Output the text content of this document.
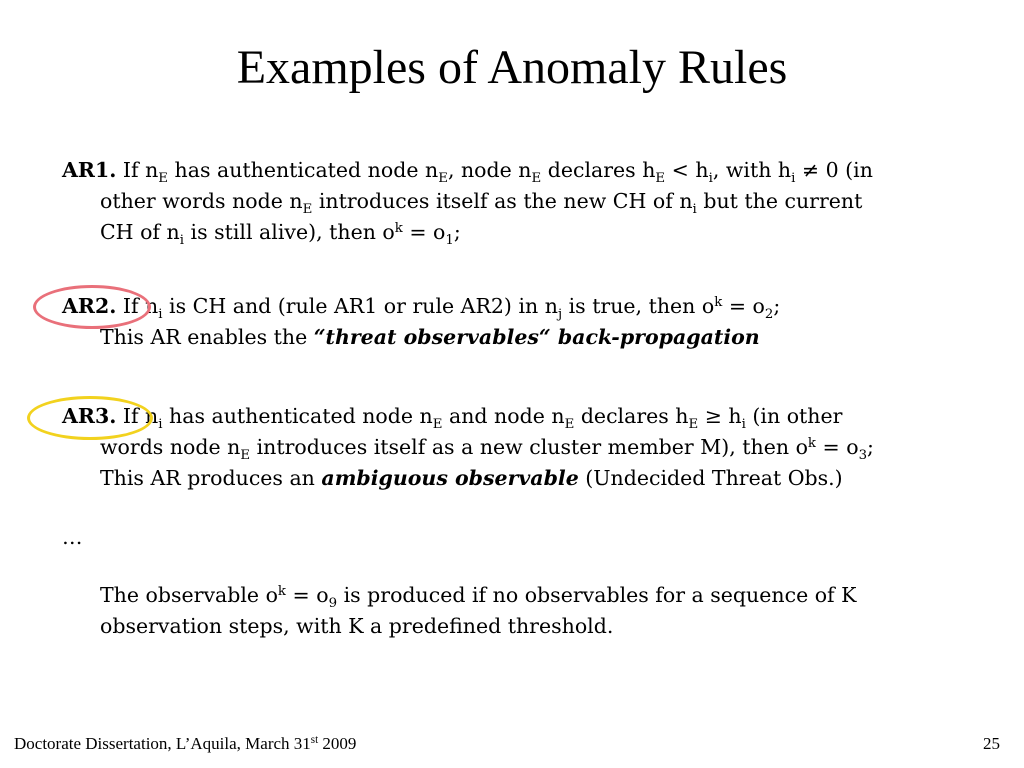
Examples of Anomaly Rules
AR1. If $n_E$ has authenticated node $n_E$, node $n_E$ declares $h_E < h_i$, with $h_i \ne 0$ (in
other words node $n_E$ introduces itself as the new CH of $n_i$ but the current
CH of $n_i$ is still alive), then $o^k = o_1$;
AR2. If $n_i$ is CH and (rule AR1 or rule AR2) in $n_j$ is true, then $o^k = o_2$;
This AR enables the “threat observables“ back-propagation
AR3. If $n_i$ has authenticated node $n_E$ and node $n_E$ declares $h_E \ge h_i$ (in other
words node $n_E$ introduces itself as a new cluster member M), then $o^k = o_3$;
This AR produces an ambiguous observable (Undecided Threat Obs.)
…
The observable $o^k = o_9$ is produced if no observables for a sequence of K
observation steps, with K a predefined threshold.
Doctorate Dissertation, L’Aquila, March 31st 2009	25
